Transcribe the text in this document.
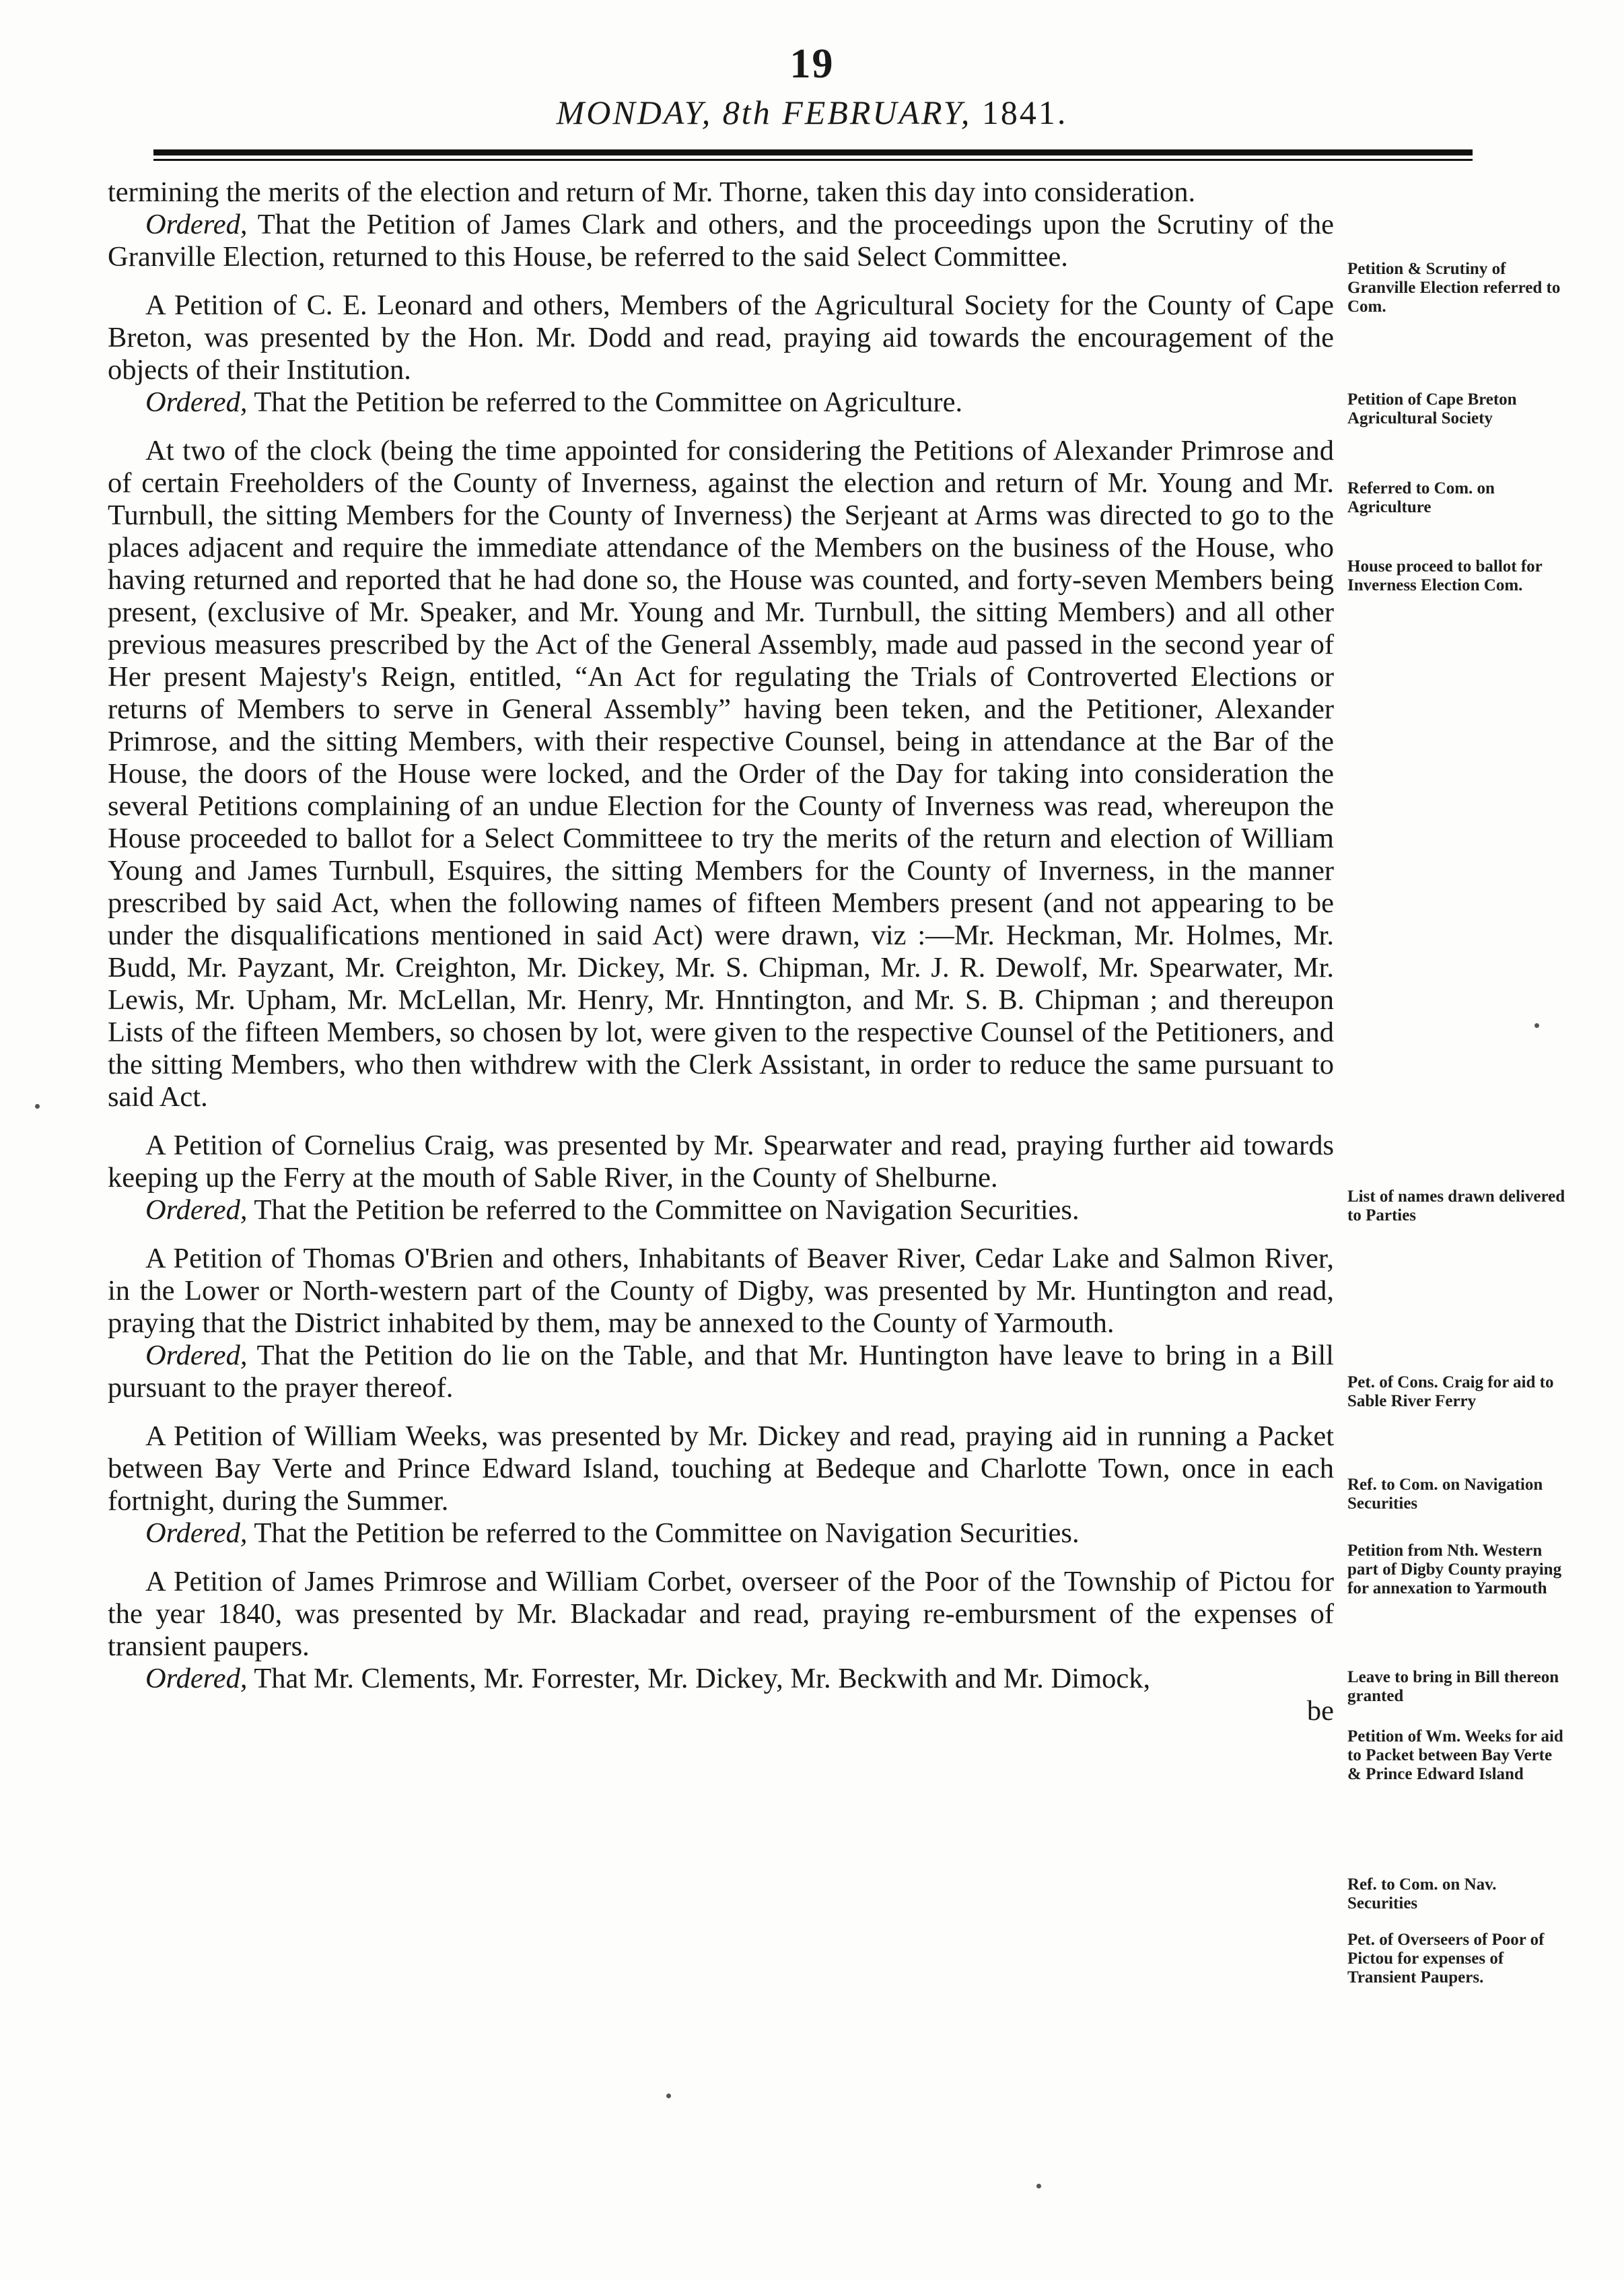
19
MONDAY, 8th FEBRUARY, 1841.

termining the merits of the election and return of Mr. Thorne, taken this day into consideration.

Ordered, That the Petition of James Clark and others, and the proceedings upon the Scrutiny of the Granville Election, returned to this House, be referred to the said Select Committee.

A Petition of C. E. Leonard and others, Members of the Agricultural Society for the County of Cape Breton, was presented by the Hon. Mr. Dodd and read, praying aid towards the encouragement of the objects of their Institution.

Ordered, That the Petition be referred to the Committee on Agriculture.

At two of the clock (being the time appointed for considering the Petitions of Alexander Primrose and of certain Freeholders of the County of Inverness, against the election and return of Mr. Young and Mr. Turnbull, the sitting Members for the County of Inverness) the Serjeant at Arms was directed to go to the places adjacent and require the immediate attendance of the Members on the business of the House, who having returned and reported that he had done so, the House was counted, and forty-seven Members being present, (exclusive of Mr. Speaker, and Mr. Young and Mr. Turnbull, the sitting Members) and all other previous measures prescribed by the Act of the General Assembly, made aud passed in the second year of Her present Majesty's Reign, entitled, “An Act for regulating the Trials of Controverted Elections or returns of Members to serve in General Assembly” having been teken, and the Petitioner, Alexander Primrose, and the sitting Members, with their respective Counsel, being in attendance at the Bar of the House, the doors of the House were locked, and the Order of the Day for taking into consideration the several Petitions complaining of an undue Election for the County of Inverness was read, whereupon the House proceeded to ballot for a Select Committeee to try the merits of the return and election of William Young and James Turnbull, Esquires, the sitting Members for the County of Inverness, in the manner prescribed by said Act, when the following names of fifteen Members present (and not appearing to be under the disqualifications mentioned in said Act) were drawn, viz :—Mr. Heckman, Mr. Holmes, Mr. Budd, Mr. Payzant, Mr. Creighton, Mr. Dickey, Mr. S. Chipman, Mr. J. R. Dewolf, Mr. Spearwater, Mr. Lewis, Mr. Upham, Mr. McLellan, Mr. Henry, Mr. Hnntington, and Mr. S. B. Chipman ; and thereupon Lists of the fifteen Members, so chosen by lot, were given to the respective Counsel of the Petitioners, and the sitting Members, who then withdrew with the Clerk Assistant, in order to reduce the same pursuant to said Act.

A Petition of Cornelius Craig, was presented by Mr. Spearwater and read, praying further aid towards keeping up the Ferry at the mouth of Sable River, in the County of Shelburne.

Ordered, That the Petition be referred to the Committee on Navigation Securities.

A Petition of Thomas O'Brien and others, Inhabitants of Beaver River, Cedar Lake and Salmon River, in the Lower or North-western part of the County of Digby, was presented by Mr. Huntington and read, praying that the District inhabited by them, may be annexed to the County of Yarmouth.

Ordered, That the Petition do lie on the Table, and that Mr. Huntington have leave to bring in a Bill pursuant to the prayer thereof.

A Petition of William Weeks, was presented by Mr. Dickey and read, praying aid in running a Packet between Bay Verte and Prince Edward Island, touching at Bedeque and Charlotte Town, once in each fortnight, during the Summer.

Ordered, That the Petition be referred to the Committee on Navigation Securities.

A Petition of James Primrose and William Corbet, overseer of the Poor of the Township of Pictou for the year 1840, was presented by Mr. Blackadar and read, praying re-embursment of the expenses of transient paupers.

Ordered, That Mr. Clements, Mr. Forrester, Mr. Dickey, Mr. Beckwith and Mr. Dimock,

be

Petition & Scrutiny of Granville Election referred to Com.
Petition of Cape Breton Agricultural Society
Referred to Com. on Agriculture
House proceed to ballot for Inverness Election Com.
List of names drawn delivered to Parties
Pet. of Cons. Craig for aid to Sable River Ferry
Ref. to Com. on Navigation Securities
Petition from Nth. Western part of Digby County praying for annexation to Yarmouth
Leave to bring in Bill thereon granted
Petition of Wm. Weeks for aid to Packet between Bay Verte & Prince Edward Island
Ref. to Com. on Nav. Securities
Pet. of Overseers of Poor of Pictou for expenses of Transient Paupers.
